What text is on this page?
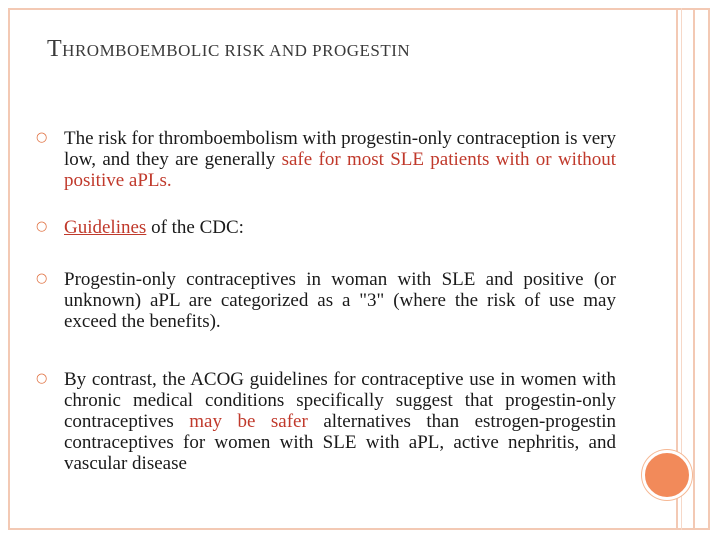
THROMBOEMBOLIC RISK AND PROGESTIN
○ The risk for thromboembolism with progestin-only contraception is very low, and they are generally safe for most SLE patients with or without positive aPLs.
○ Guidelines of the CDC:
○ Progestin-only contraceptives in woman with SLE and positive (or unknown) aPL are categorized as a "3" (where the risk of use may exceed the benefits).
○ By contrast, the ACOG guidelines for contraceptive use in women with chronic medical conditions specifically suggest that progestin-only contraceptives may be safer alternatives than estrogen-progestin contraceptives for women with SLE with aPL, active nephritis, and vascular disease
